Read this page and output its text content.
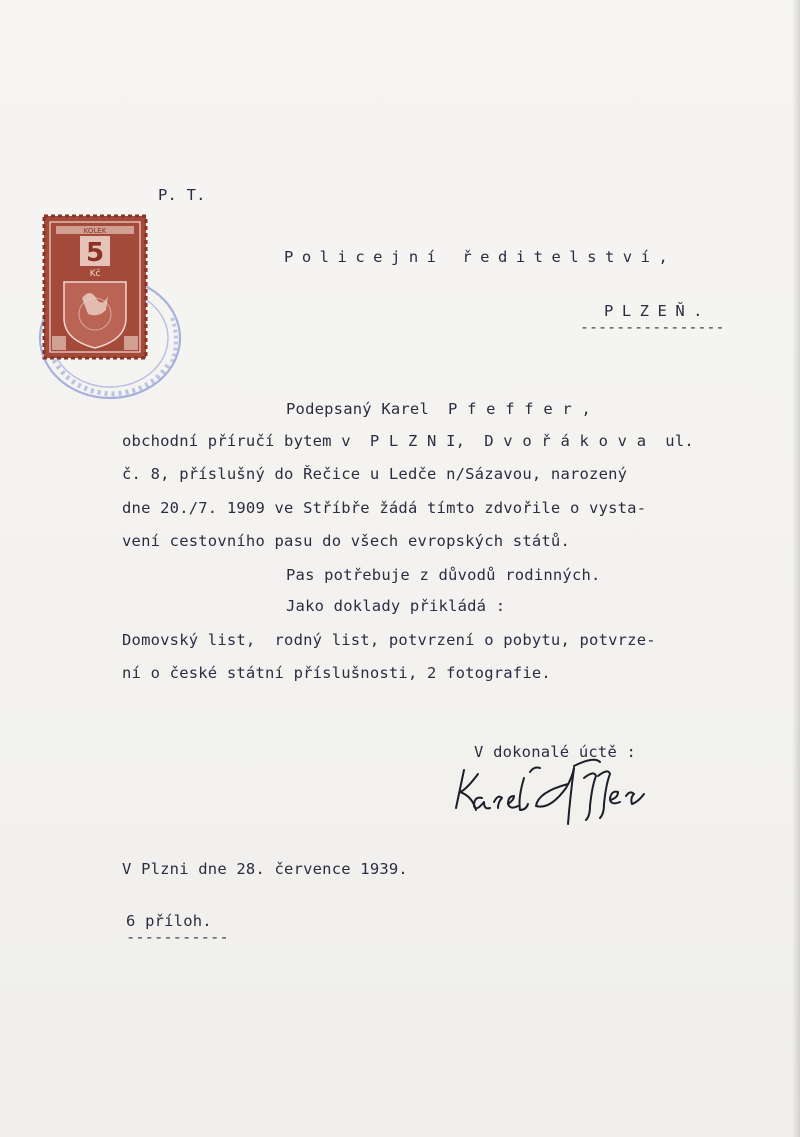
KOLEK
5
Kč
P. T.
Policejní ředitelství,
PLZEŇ.
----------------
Podepsaný Karel  P f e f f e r ,
obchodní příručí bytem v  P L Z N I,  D v o ř á k o v a  ul.
č. 8, příslušný do Řečice u Ledče n/Sázavou, narozený
dne 20./7. 1909 ve Stříbře žádá tímto zdvořile o vysta-
vení cestovního pasu do všech evropských států.
Pas potřebuje z důvodů rodinných.
Jako doklady přikládá :
Domovský list,  rodný list, potvrzení o pobytu, potvrze-
ní o české státní příslušnosti, 2 fotografie.
V dokonalé úctě :
V Plzni dne 28. července 1939.
6 příloh.
-----------
